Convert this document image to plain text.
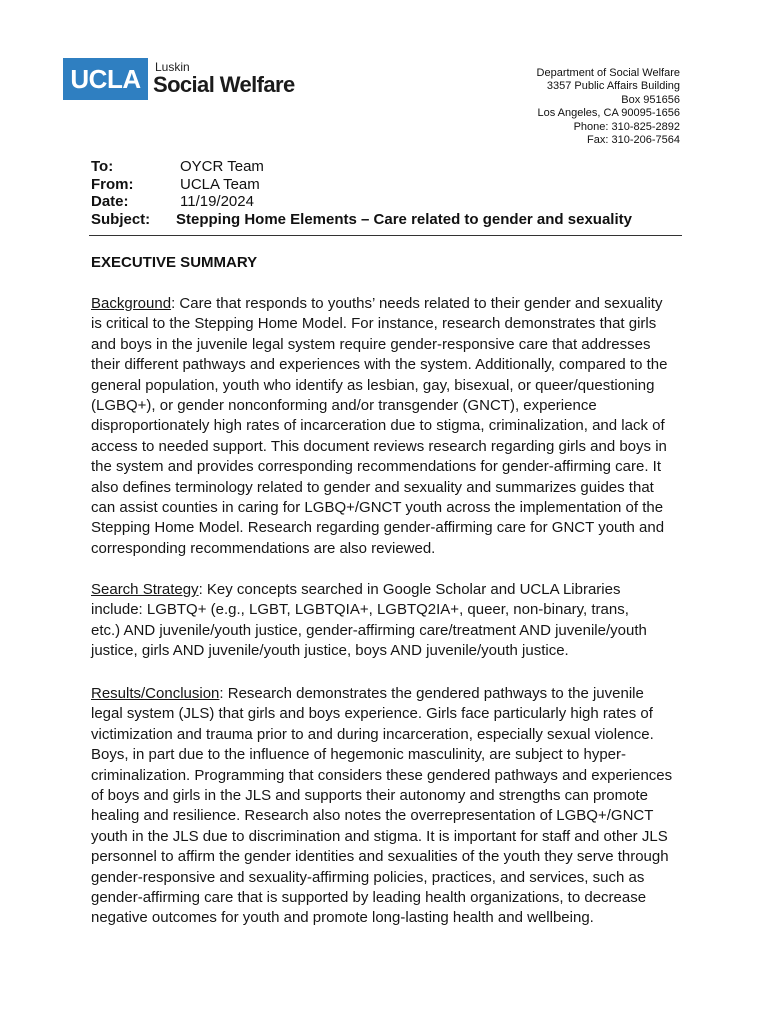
UCLA	Luskin
Social Welfare	Department of Social Welfare
3357 Public Affairs Building
Box 951656
Los Angeles, CA 90095-1656
Phone: 310-825-2892
Fax: 310-206-7564
To:	OYCR Team
From:	UCLA Team
Date:	11/19/2024
Subject:	Stepping Home Elements – Care related to gender and sexuality
EXECUTIVE SUMMARY
Background: Care that responds to youths’ needs related to their gender and sexuality
is critical to the Stepping Home Model. For instance, research demonstrates that girls
and boys in the juvenile legal system require gender-responsive care that addresses
their different pathways and experiences with the system. Additionally, compared to the
general population, youth who identify as lesbian, gay, bisexual, or queer/questioning
(LGBQ+), or gender nonconforming and/or transgender (GNCT), experience
disproportionately high rates of incarceration due to stigma, criminalization, and lack of
access to needed support. This document reviews research regarding girls and boys in
the system and provides corresponding recommendations for gender-affirming care. It
also defines terminology related to gender and sexuality and summarizes guides that
can assist counties in caring for LGBQ+/GNCT youth across the implementation of the
Stepping Home Model. Research regarding gender-affirming care for GNCT youth and
corresponding recommendations are also reviewed.
Search Strategy: Key concepts searched in Google Scholar and UCLA Libraries
include: LGBTQ+ (e.g., LGBT, LGBTQIA+, LGBTQ2IA+, queer, non-binary, trans,
etc.) AND juvenile/youth justice, gender-affirming care/treatment AND juvenile/youth
justice, girls AND juvenile/youth justice, boys AND juvenile/youth justice.
Results/Conclusion: Research demonstrates the gendered pathways to the juvenile
legal system (JLS) that girls and boys experience. Girls face particularly high rates of
victimization and trauma prior to and during incarceration, especially sexual violence.
Boys, in part due to the influence of hegemonic masculinity, are subject to hyper-
criminalization. Programming that considers these gendered pathways and experiences
of boys and girls in the JLS and supports their autonomy and strengths can promote
healing and resilience. Research also notes the overrepresentation of LGBQ+/GNCT
youth in the JLS due to discrimination and stigma. It is important for staff and other JLS
personnel to affirm the gender identities and sexualities of the youth they serve through
gender-responsive and sexuality-affirming policies, practices, and services, such as
gender-affirming care that is supported by leading health organizations, to decrease
negative outcomes for youth and promote long-lasting health and wellbeing.
